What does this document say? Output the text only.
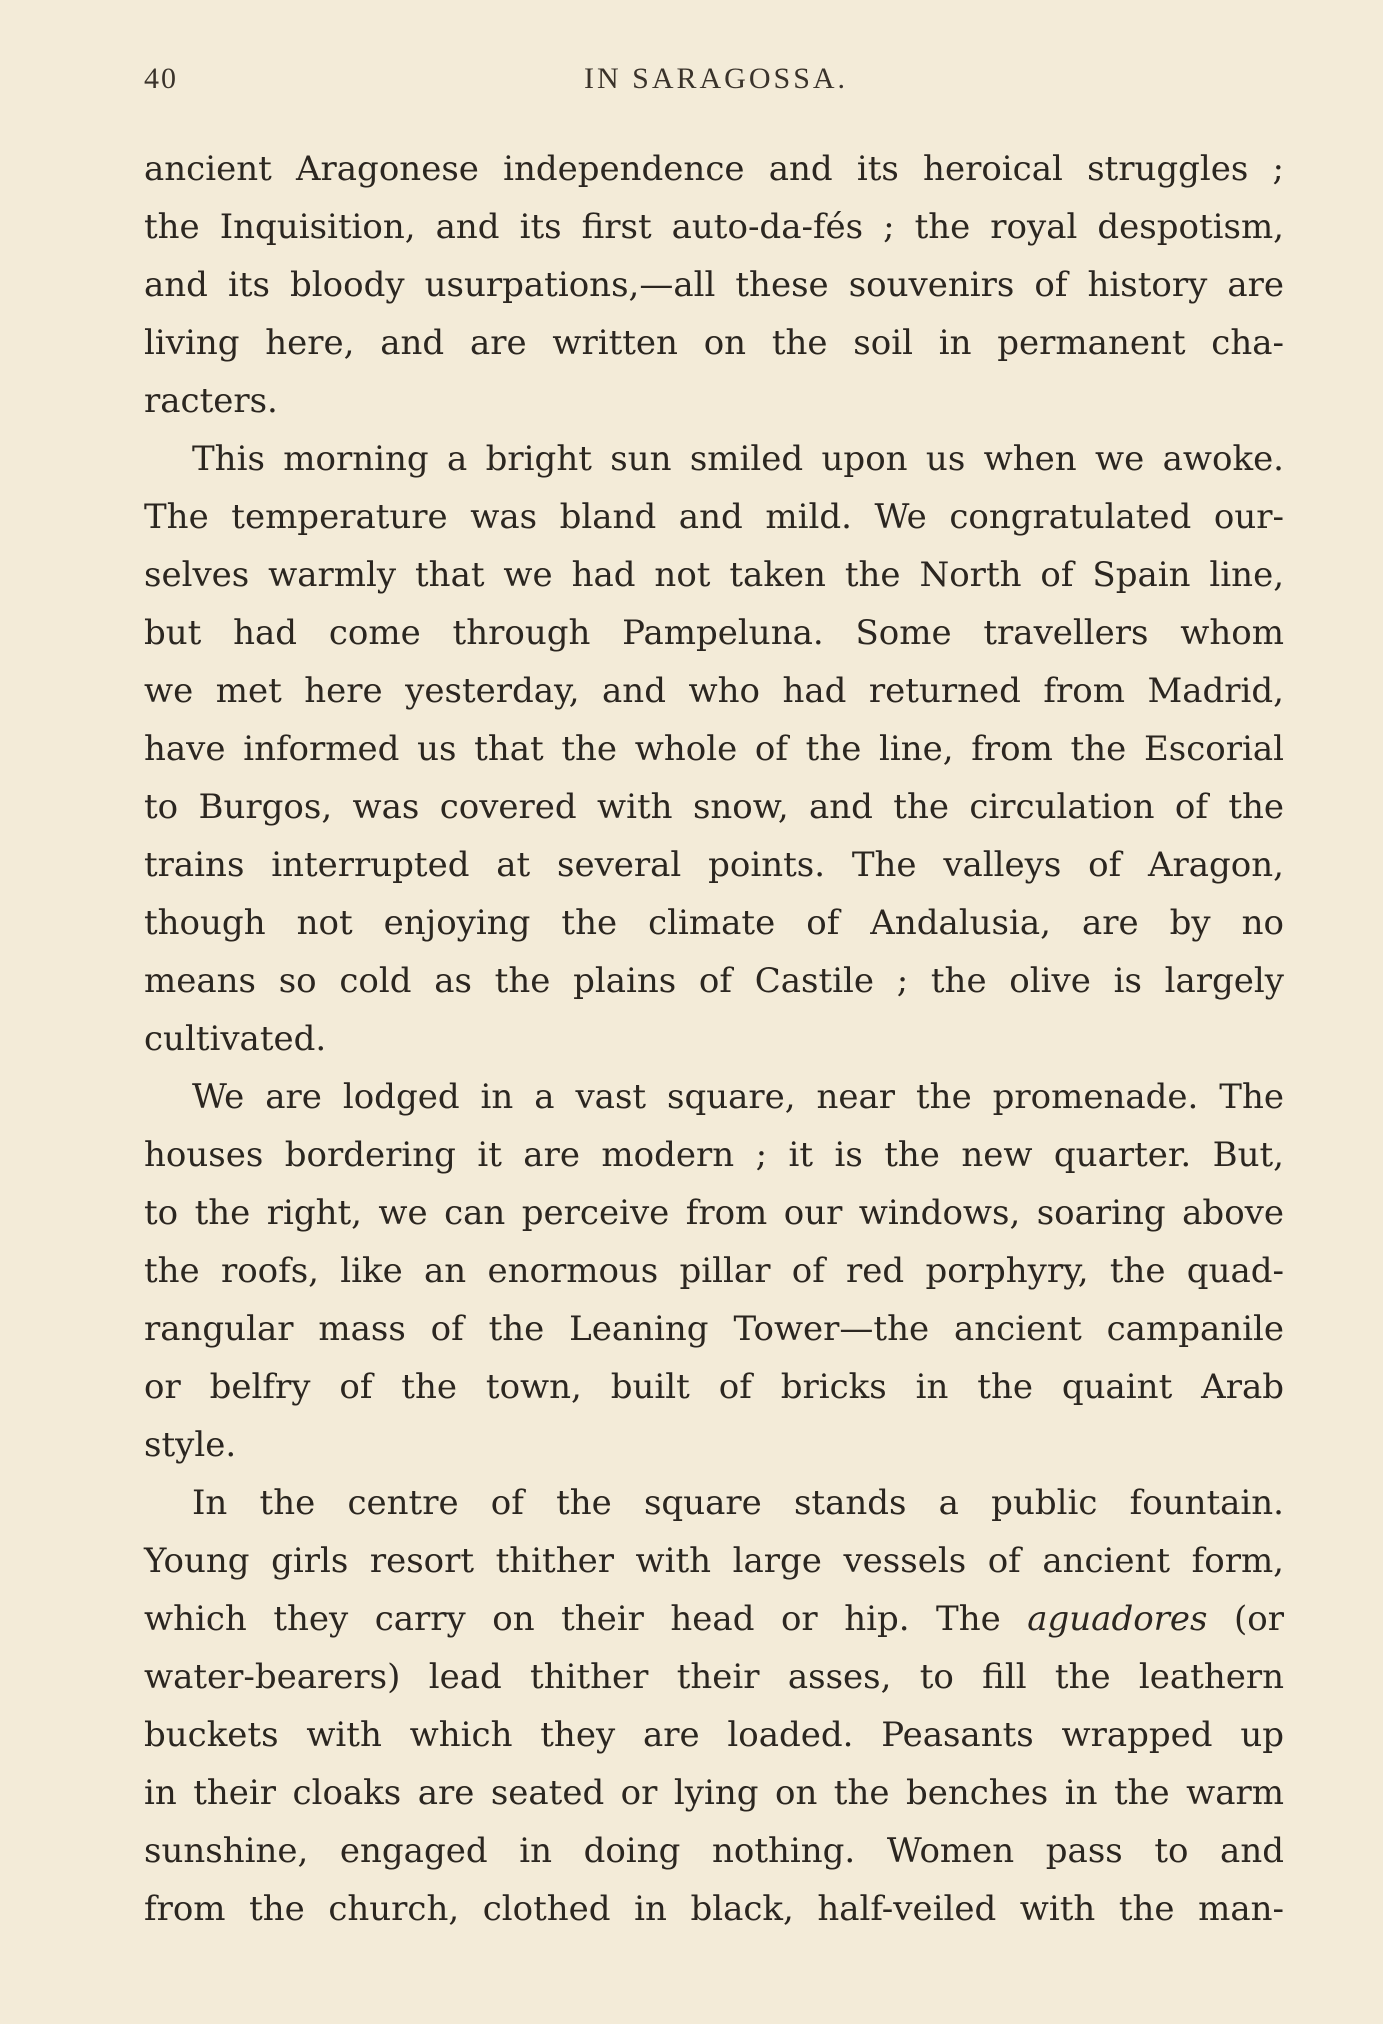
40	IN SARAGOSSA.
ancient Aragonese independence and its heroical struggles ;
the Inquisition, and its first auto-da-fés ; the royal despotism,
and its bloody usurpations,—all these souvenirs of history are
living here, and are written on the soil in permanent cha-
racters.
This morning a bright sun smiled upon us when we awoke.
The temperature was bland and mild. We congratulated our-
selves warmly that we had not taken the North of Spain line,
but had come through Pampeluna. Some travellers whom
we met here yesterday, and who had returned from Madrid,
have informed us that the whole of the line, from the Escorial
to Burgos, was covered with snow, and the circulation of the
trains interrupted at several points. The valleys of Aragon,
though not enjoying the climate of Andalusia, are by no
means so cold as the plains of Castile ; the olive is largely
cultivated.
We are lodged in a vast square, near the promenade. The
houses bordering it are modern ; it is the new quarter. But,
to the right, we can perceive from our windows, soaring above
the roofs, like an enormous pillar of red porphyry, the quad-
rangular mass of the Leaning Tower—the ancient campanile
or belfry of the town, built of bricks in the quaint Arab
style.
In the centre of the square stands a public fountain.
Young girls resort thither with large vessels of ancient form,
which they carry on their head or hip. The aguadores (or
water-bearers) lead thither their asses, to fill the leathern
buckets with which they are loaded. Peasants wrapped up
in their cloaks are seated or lying on the benches in the warm
sunshine, engaged in doing nothing. Women pass to and
from the church, clothed in black, half-veiled with the man-
